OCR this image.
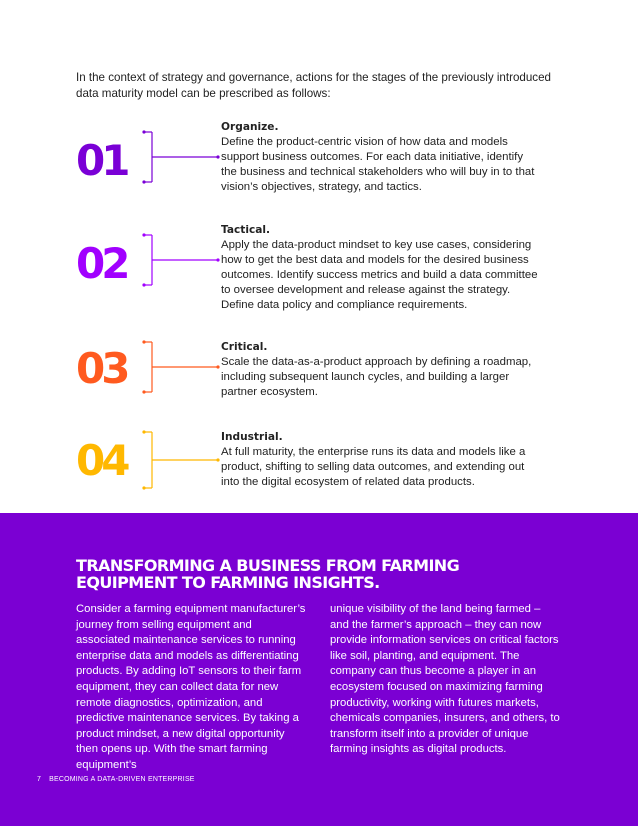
In the context of strategy and governance, actions for the stages of the previously introduced data maturity model can be prescribed as follows:

01

Organize.
Define the product-centric vision of how data and models support business outcomes. For each data initiative, identify the business and technical stakeholders who will buy in to that vision’s objectives, strategy, and tactics.

02

Tactical.
Apply the data-product mindset to key use cases, considering how to get the best data and models for the desired business outcomes. Identify success metrics and build a data committee to oversee development and release against the strategy. Define data policy and compliance requirements.

03	Critical.
Scale the data-as-a-product approach by defining a roadmap, including subsequent launch cycles, and building a larger partner ecosystem.

04	Industrial.
At full maturity, the enterprise runs its data and models like a product, shifting to selling data outcomes, and extending out into the digital ecosystem of related data products.

TRANSFORMING A BUSINESS FROM FARMING EQUIPMENT TO FARMING INSIGHTS.

Consider a farming equipment manufacturer’s journey from selling equipment and associated maintenance services to running enterprise data and models as differentiating products. By adding IoT sensors to their farm equipment, they can collect data for new remote diagnostics, optimization, and predictive maintenance services. By taking a product mindset, a new digital opportunity then opens up. With the smart farming equipment’s

unique visibility of the land being farmed – and the farmer’s approach – they can now provide information services on critical factors like soil, planting, and equipment. The company can thus become a player in an ecosystem focused on maximizing farming productivity, working with futures markets, chemicals companies, insurers, and others, to transform itself into a provider of unique farming insights as digital products.

7 BECOMING A DATA-DRIVEN ENTERPRISE
